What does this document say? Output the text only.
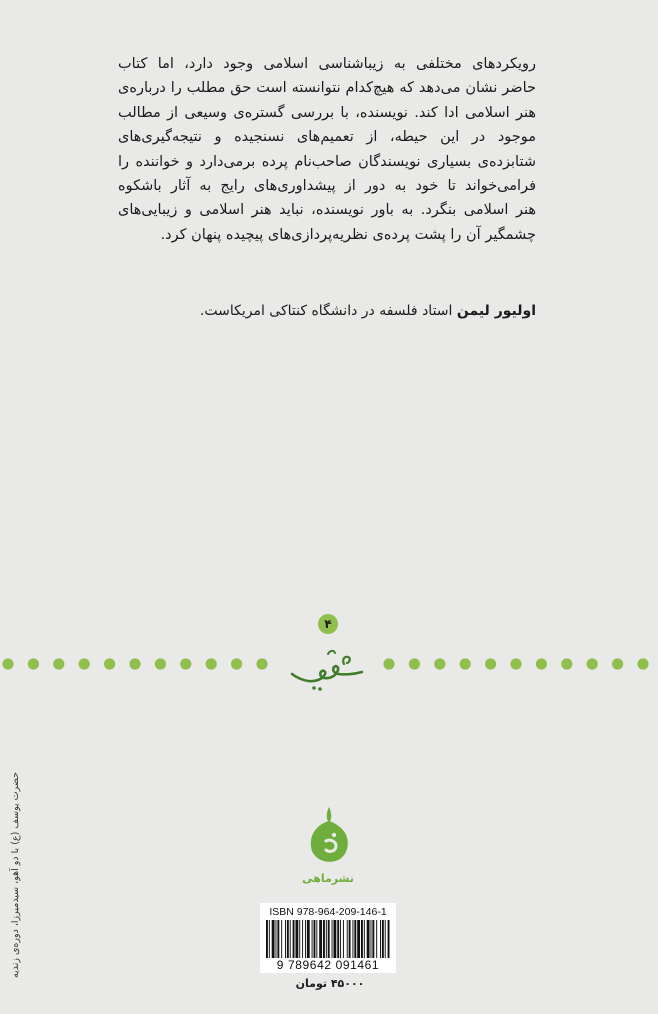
رویکردهای مختلفی به زیباشناسی اسلامی وجود دارد، اما کتاب
حاضر نشان می‌دهد که هیچ‌کدام نتوانسته است حق مطلب را درباره‌ی
هنر اسلامی ادا کند. نویسنده، با بررسی گستره‌ی وسیعی از مطالب
موجود در این حیطه، از تعمیم‌های نسنجیده و نتیجه‌گیری‌های
شتابزده‌ی بسیاری نویسندگان صاحب‌نام پرده برمی‌دارد و خواننده را
فرامی‌خواند تا خود به دور از پیشداوری‌های رایج به آثار باشکوه
هنر اسلامی بنگرد. به باور نویسنده، نباید هنر اسلامی و زیبایی‌های
چشمگیر آن را پشت پرده‌ی نظریه‌پردازی‌های پیچیده پنهان کرد.
اولیور لیمن استاد فلسفه در دانشگاه کنتاکی امریکاست.
۴
نشرماهی
ISBN 978-964-209-146-1
9 789642 091461
۴۵۰۰۰ تومان
حضرت یوسف (ع) با دو آهو، سیدمیرزا، دوره‌ی زندیه
